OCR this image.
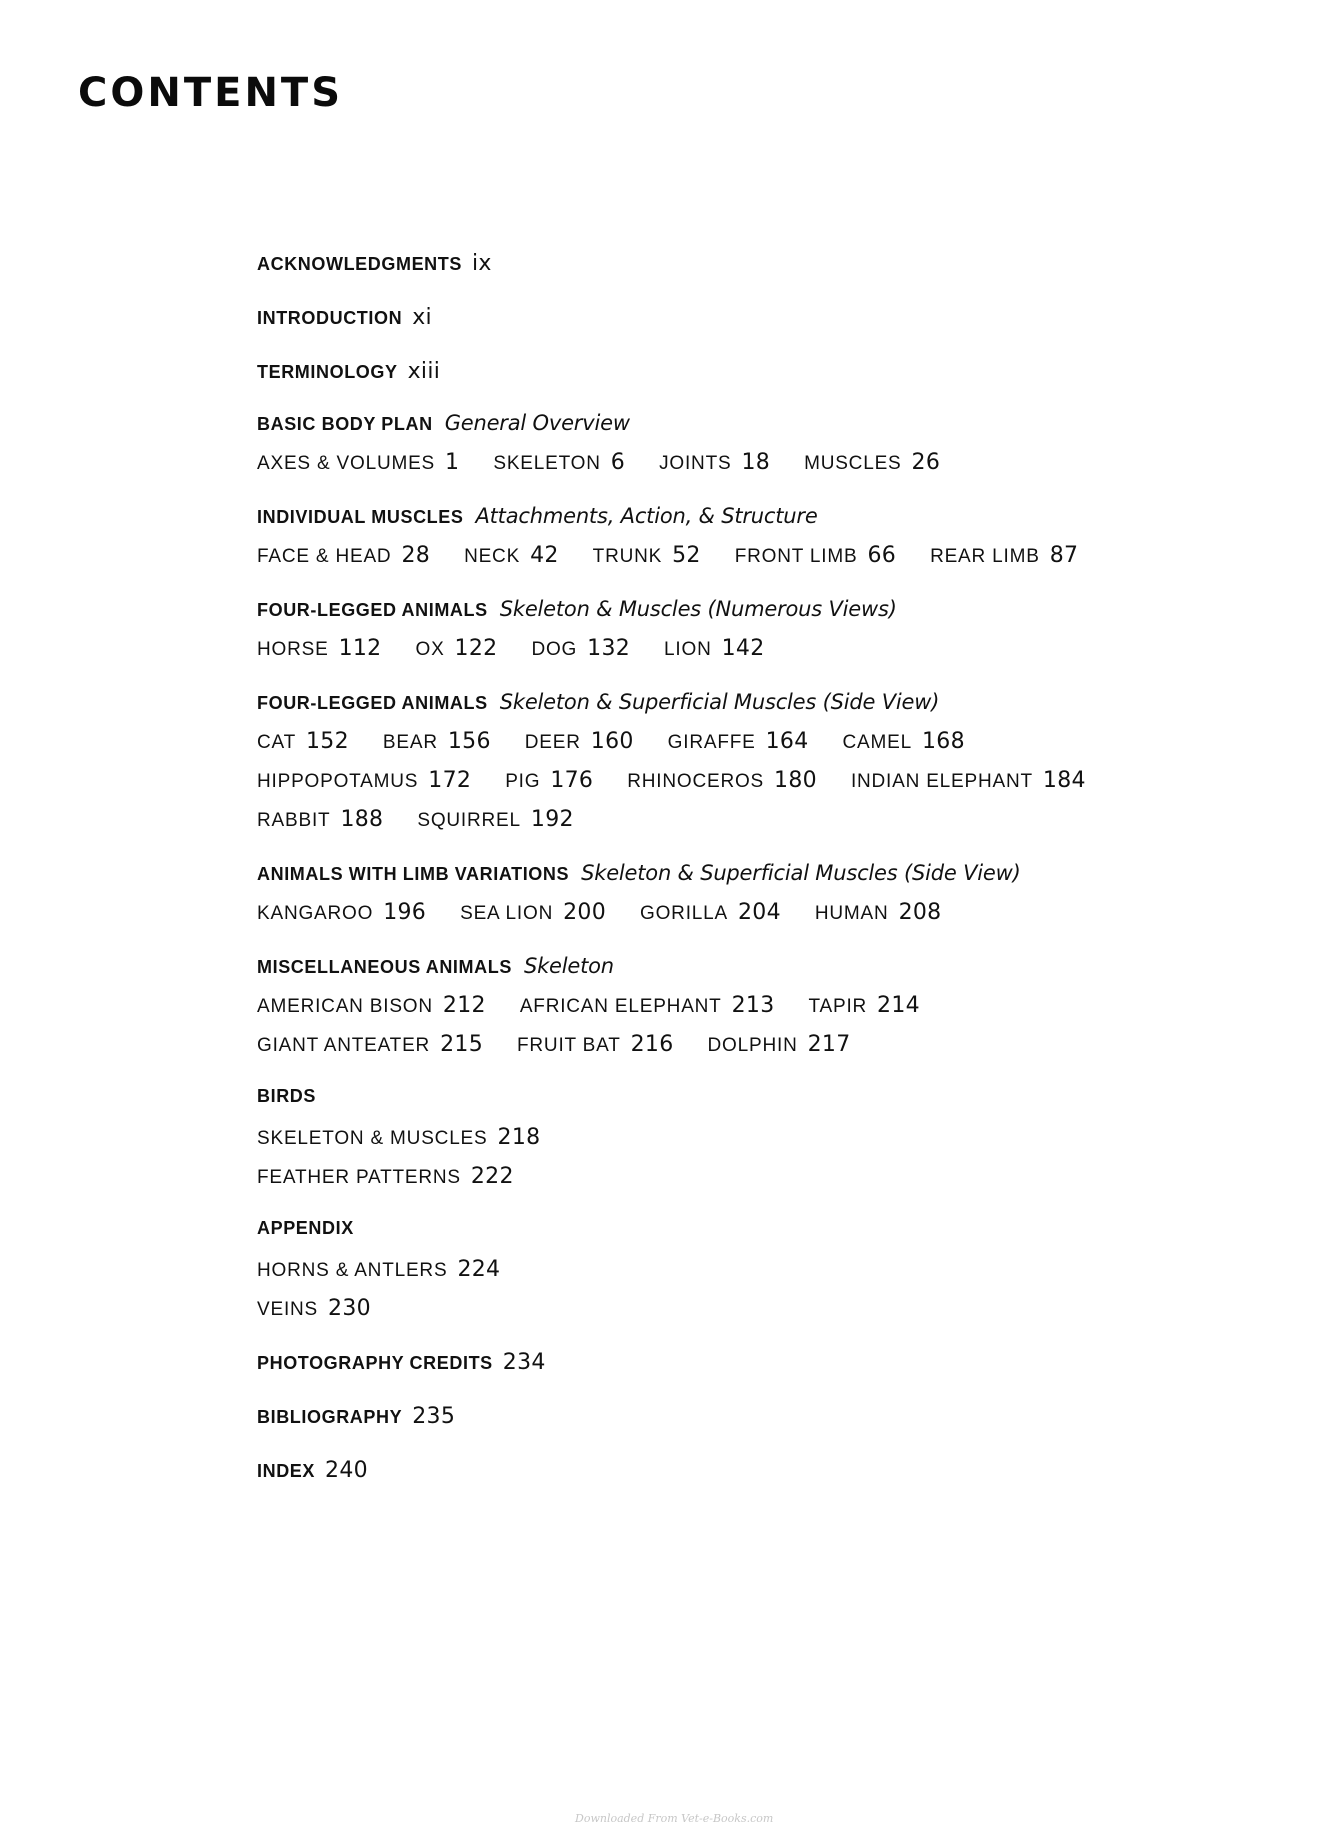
CONTENTS
ACKNOWLEDGMENTS ix
INTRODUCTION xi
TERMINOLOGY xiii
BASIC BODY PLAN General Overview
AXES & VOLUMES 1 SKELETON 6 JOINTS 18 MUSCLES 26
INDIVIDUAL MUSCLES Attachments, Action, & Structure
FACE & HEAD 28 NECK 42 TRUNK 52 FRONT LIMB 66 REAR LIMB 87
FOUR-LEGGED ANIMALS Skeleton & Muscles (Numerous Views)
HORSE 112 OX 122 DOG 132 LION 142
FOUR-LEGGED ANIMALS Skeleton & Superficial Muscles (Side View)
CAT 152 BEAR 156 DEER 160 GIRAFFE 164 CAMEL 168
HIPPOPOTAMUS 172 PIG 176 RHINOCEROS 180 INDIAN ELEPHANT 184
RABBIT 188 SQUIRREL 192
ANIMALS WITH LIMB VARIATIONS Skeleton & Superficial Muscles (Side View)
KANGAROO 196 SEA LION 200 GORILLA 204 HUMAN 208
MISCELLANEOUS ANIMALS Skeleton
AMERICAN BISON 212 AFRICAN ELEPHANT 213 TAPIR 214
GIANT ANTEATER 215 FRUIT BAT 216 DOLPHIN 217
BIRDS
SKELETON & MUSCLES 218
FEATHER PATTERNS 222
APPENDIX
HORNS & ANTLERS 224
VEINS 230
PHOTOGRAPHY CREDITS 234
BIBLIOGRAPHY 235
INDEX 240
Downloaded From Vet-e-Books.com
